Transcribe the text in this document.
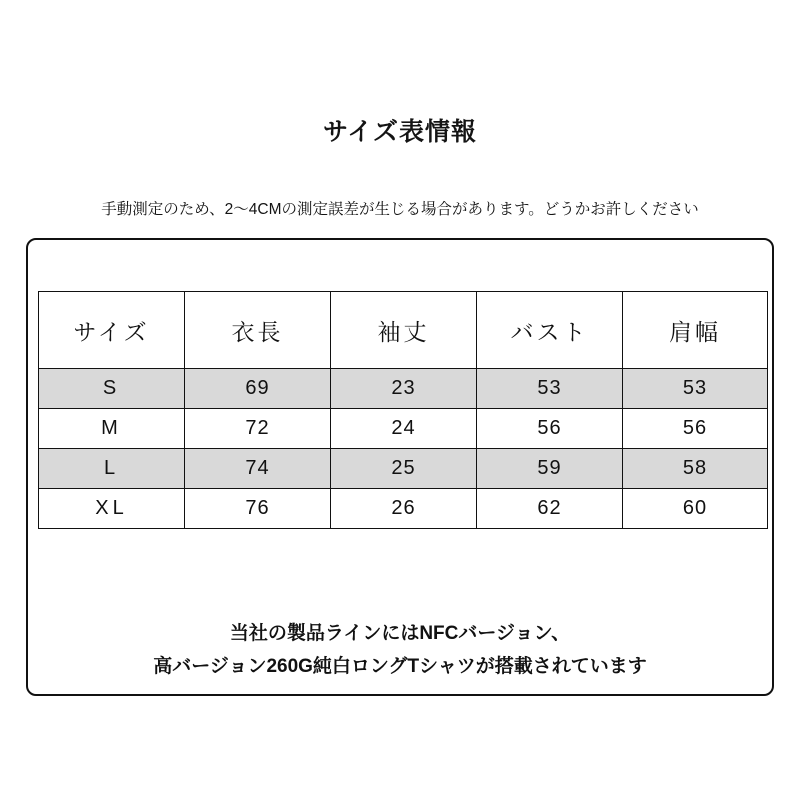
サイズ表情報
手動測定のため、2〜4CMの測定誤差が生じる場合があります。どうかお許しください
サイズ	衣長	袖丈	バスト	肩幅
S	69	23	53	53
M	72	24	56	56
L	74	25	59	58
XL	76	26	62	60
当社の製品ラインにはNFCバージョン、
高バージョン260G純白ロングTシャツが搭載されています
